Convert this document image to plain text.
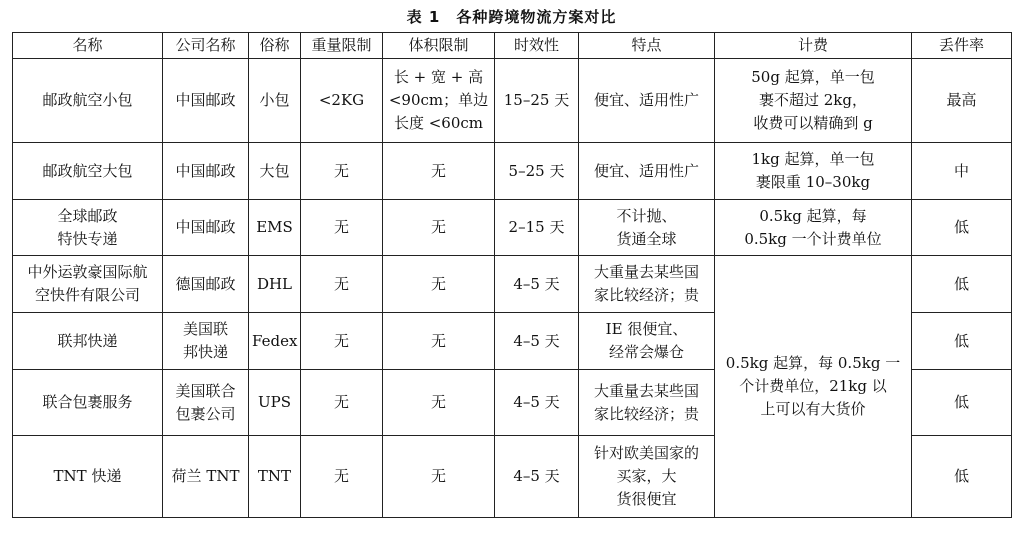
表 1　各种跨境物流方案对比
名称	公司名称	俗称	重量限制	体积限制	时效性	特点	计费	丢件率

邮政航空小包	中国邮政	小包	<2KG	长 + 宽 + 高
<90cm；单边
长度 <60cm	15–25 天	便宜、适用性广	50g 起算，单一包
裹不超过 2kg，
收费可以精确到 g	最高

邮政航空大包	中国邮政	大包	无	无	5–25 天	便宜、适用性广	1kg 起算，单一包
裹限重 10–30kg	中

全球邮政
特快专递	中国邮政	EMS	无	无	2–15 天	不计抛、
货通全球	0.5kg 起算，每
0.5kg 一个计费单位	低

中外运敦豪国际航
空快件有限公司	德国邮政	DHL	无	无	4–5 天	大重量去某些国
家比较经济；贵	0.5kg 起算，每 0.5kg 一
个计费单位，21kg 以
上可以有大货价	低

联邦快递	美国联
邦快递	Fedex	无	无	4–5 天	IE 很便宜、
经常会爆仓		低

联合包裹服务	美国联合
包裹公司	UPS	无	无	4–5 天	大重量去某些国
家比较经济；贵		低

TNT 快递	荷兰 TNT	TNT	无	无	4–5 天	针对欧美国家的
买家，大
货很便宜		低
